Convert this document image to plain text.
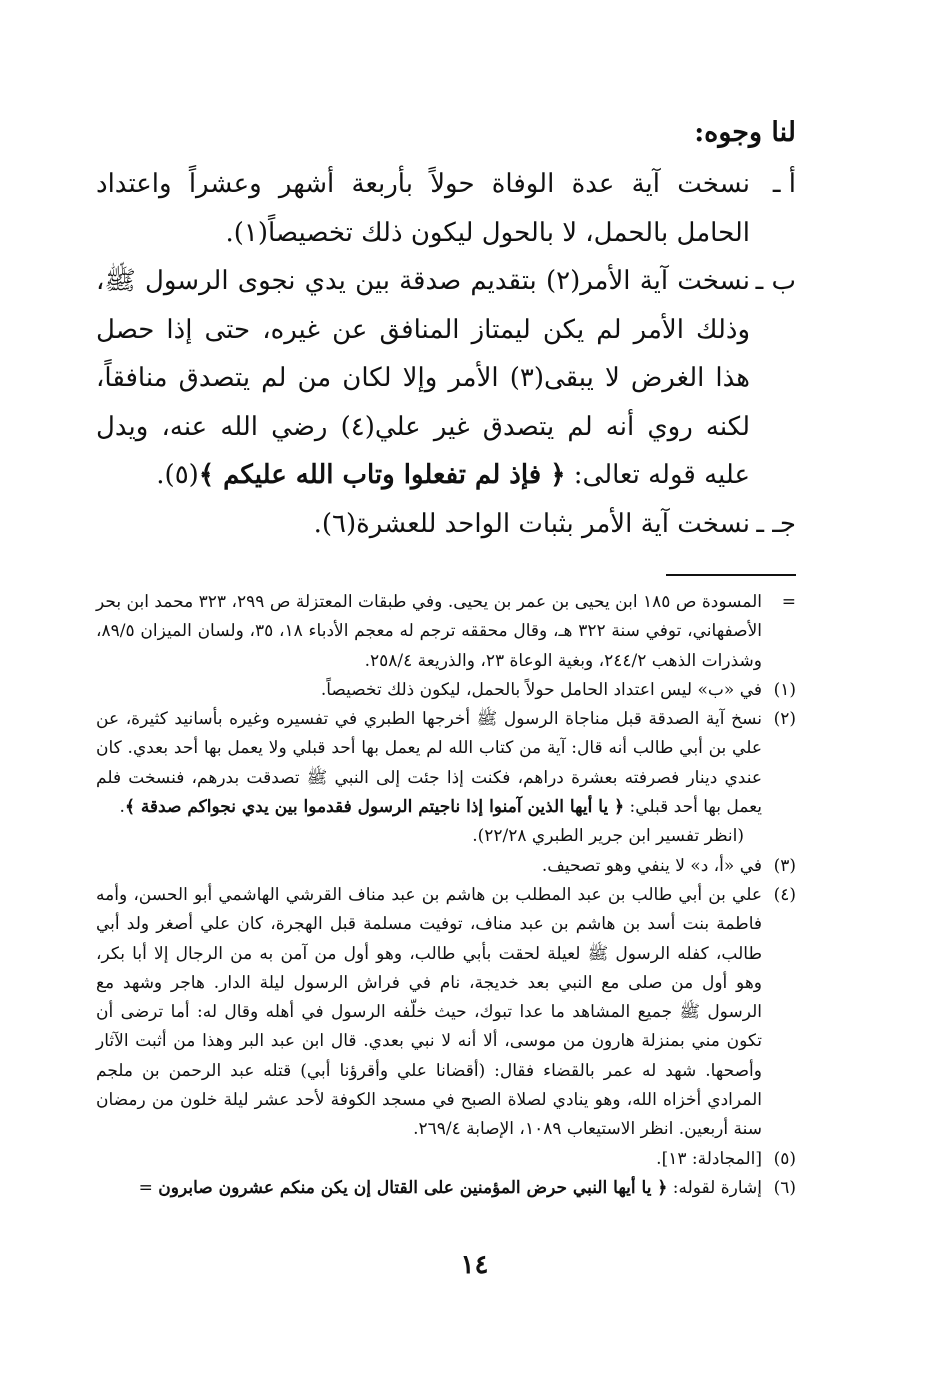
لنا وجوه:
أ ـ
نسخت آية عدة الوفاة حولاً بأربعة أشهر وعشراً واعتداد الحامل بالحمل، لا بالحول ليكون ذلك تخصيصاً(١).
ب ـ
نسخت آية الأمر(٢) بتقديم صدقة بين يدي نجوى الرسول ﷺ، وذلك الأمر لم يكن ليمتاز المنافق عن غيره، حتى إذا حصل هذا الغرض لا يبقى(٣) الأمر وإلا لكان من لم يتصدق منافقاً، لكنه روي أنه لم يتصدق غير علي(٤) رضي الله عنه، ويدل عليه قوله تعالى: ﴿ فإذ لم تفعلوا وتاب الله عليكم ﴾(٥).
جـ ـ
نسخت آية الأمر بثبات الواحد للعشرة(٦).
=
المسودة ص ١٨٥ ابن يحيى بن عمر بن يحيى. وفي طبقات المعتزلة ص ٢٩٩، ٣٢٣ محمد ابن بحر الأصفهاني، توفي سنة ٣٢٢ هـ، وقال محققه ترجم له معجم الأدباء ١٨، ٣٥، ولسان الميزان ٨٩/٥، وشذرات الذهب ٢٤٤/٢، وبغية الوعاة ٢٣، والذريعة ٢٥٨/٤.
(١)
في «ب» ليس اعتداد الحامل حولاً بالحمل، ليكون ذلك تخصيصاً.
(٢)
نسخ آية الصدقة قبل مناجاة الرسول ﷺ أخرجها الطبري في تفسيره وغيره بأسانيد كثيرة، عن علي بن أبي طالب أنه قال: آية من كتاب الله لم يعمل بها أحد قبلي ولا يعمل بها أحد بعدي. كان عندي دينار فصرفته بعشرة دراهم، فكنت إذا جئت إلى النبي ﷺ تصدقت بدرهم، فنسخت فلم يعمل بها أحد قبلي: ﴿ يا أيها الذين آمنوا إذا ناجيتم الرسول فقدموا بين يدي نجواكم صدقة ﴾.
(انظر تفسير ابن جرير الطبري ٢٢/٢٨).
(٣)
في «أ، د» لا ينفي وهو تصحيف.
(٤)
علي بن أبي طالب بن عبد المطلب بن هاشم بن عبد مناف القرشي الهاشمي أبو الحسن، وأمه فاطمة بنت أسد بن هاشم بن عبد مناف، توفيت مسلمة قبل الهجرة، كان علي أصغر ولد أبي طالب، كفله الرسول ﷺ لعيلة لحقت بأبي طالب، وهو أول من آمن به من الرجال إلا أبا بكر، وهو أول من صلى مع النبي بعد خديجة، نام في فراش الرسول ليلة الدار. هاجر وشهد مع الرسول ﷺ جميع المشاهد ما عدا تبوك، حيث خلّفه الرسول في أهله وقال له: أما ترضى أن تكون مني بمنزلة هارون من موسى، ألا أنه لا نبي بعدي. قال ابن عبد البر وهذا من أثبت الآثار وأصحها. شهد له عمر بالقضاء فقال: (أقضانا علي وأقرؤنا أبي) قتله عبد الرحمن بن ملجم المرادي أخزاه الله، وهو ينادي لصلاة الصبح في مسجد الكوفة لأحد عشر ليلة خلون من رمضان سنة أربعين. انظر الاستيعاب ١٠٨٩، الإصابة ٢٦٩/٤.
(٥)
[المجادلة: ١٣].
(٦)
إشارة لقوله: ﴿ يا أيها النبي حرض المؤمنين على القتال إن يكن منكم عشرون صابرون =
١٤
